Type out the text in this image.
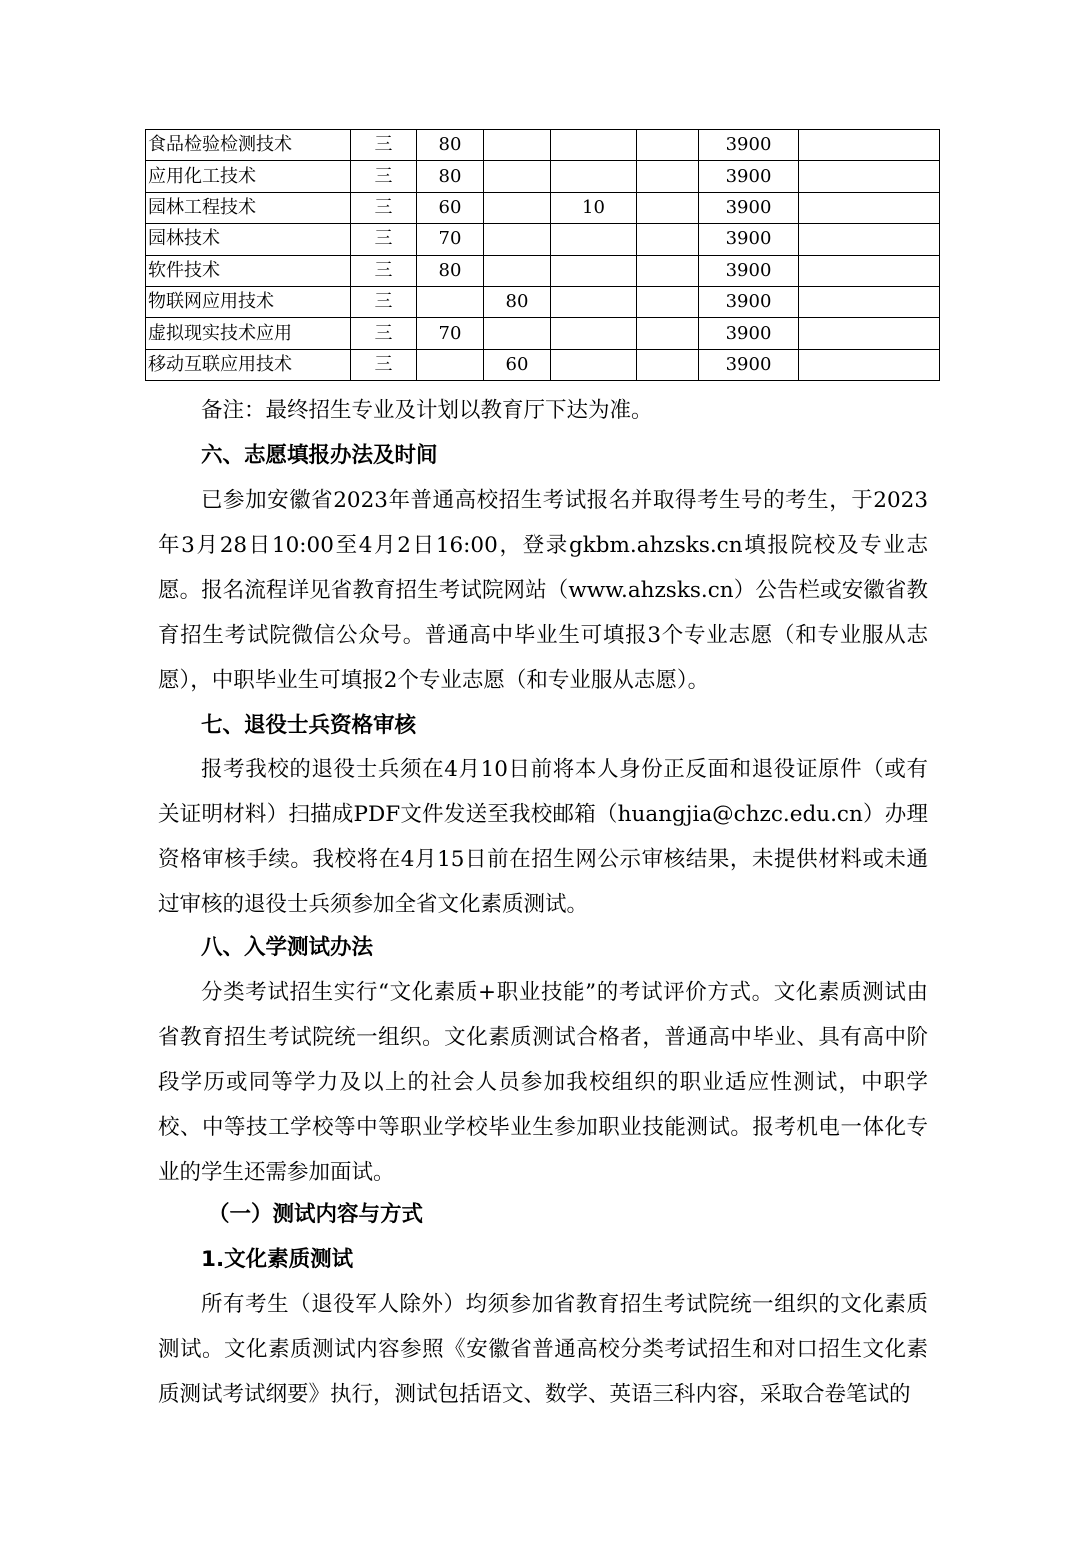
食品检验检测技术	三	80				3900	
应用化工技术	三	80				3900	
园林工程技术	三	60		10		3900	
园林技术	三	70				3900	
软件技术	三	80				3900	
物联网应用技术	三		80			3900	
虚拟现实技术应用	三	70				3900	
移动互联应用技术	三		60			3900	

备注：最终招生专业及计划以教育厅下达为准。

六、志愿填报办法及时间

已参加安徽省2023年普通高校招生考试报名并取得考生号的考生，于2023年3月28日10:00至4月2日16:00，登录gkbm.ahzsks.cn填报院校及专业志愿。报名流程详见省教育招生考试院网站（www.ahzsks.cn）公告栏或安徽省教育招生考试院微信公众号。普通高中毕业生可填报3个专业志愿（和专业服从志愿），中职毕业生可填报2个专业志愿（和专业服从志愿）。

七、退役士兵资格审核

报考我校的退役士兵须在4月10日前将本人身份正反面和退役证原件（或有关证明材料）扫描成PDF文件发送至我校邮箱（huangjia@chzc.edu.cn）办理资格审核手续。我校将在4月15日前在招生网公示审核结果，未提供材料或未通过审核的退役士兵须参加全省文化素质测试。

八、入学测试办法

分类考试招生实行“文化素质+职业技能”的考试评价方式。文化素质测试由省教育招生考试院统一组织。文化素质测试合格者，普通高中毕业、具有高中阶段学历或同等学力及以上的社会人员参加我校组织的职业适应性测试，中职学校、中等技工学校等中等职业学校毕业生参加职业技能测试。报考机电一体化专业的学生还需参加面试。

（一）测试内容与方式

1.文化素质测试

所有考生（退役军人除外）均须参加省教育招生考试院统一组织的文化素质测试。文化素质测试内容参照《安徽省普通高校分类考试招生和对口招生文化素质测试考试纲要》执行，测试包括语文、数学、英语三科内容，采取合卷笔试的
